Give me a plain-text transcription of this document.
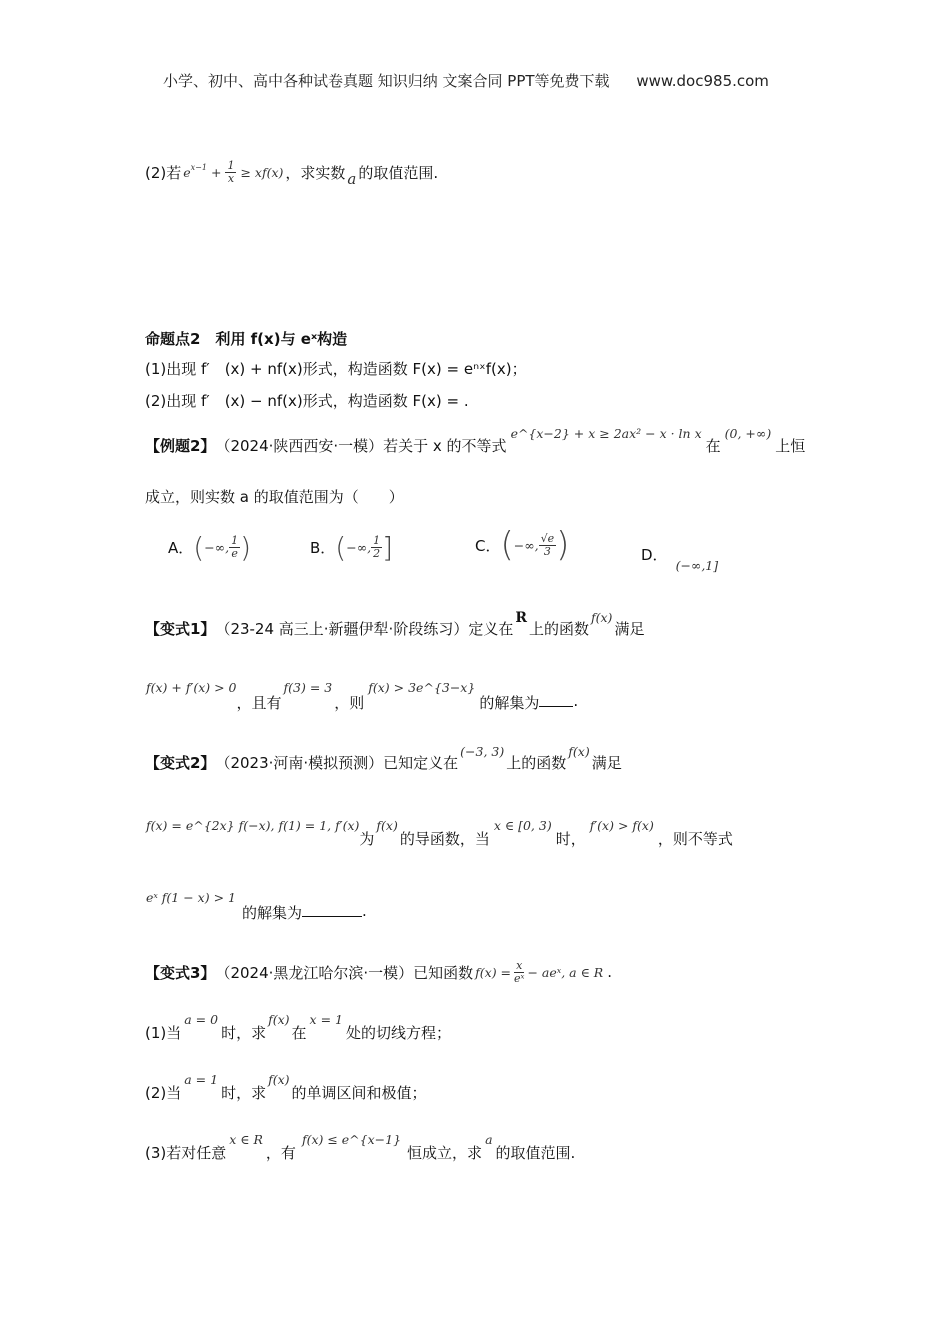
小学、初中、高中各种试卷真题 知识归纳 文案合同 PPT等免费下载 www.doc985.com
(2)若 $e^{x-1} + \frac{1}{x} \ge xf(x)$ ，求实数 a 的取值范围.
命题点2　利用 f(x)与 eˣ构造
(1)出现 f′　(x) + nf(x)形式，构造函数 F(x) = eⁿˣf(x)；
(2)出现 f′　(x) − nf(x)形式，构造函数 F(x) = .
【例题2】 （2024·陕西西安·一模）若关于 x 的不等式
e^{x−2} + x ≥ 2ax² − x · ln x
在
(0, +∞)
上恒
成立，则实数 a 的取值范围为（　　）
A． ( −∞, $\frac{1}{e}$ )	B． ( −∞, $\frac{1}{2}$ ]	C． ( −∞, $\frac{√e}{3}$ )	D．
(−∞,1]
【变式1】 （23-24 高三上·新疆伊犁·阶段练习）定义在
R
上的函数
f(x)
满足
f(x) + f′(x) > 0
，且有
f(3) = 3
，则
f(x) > 3e^{3−x}
的解集为 .
【变式2】 （2023·河南·模拟预测）已知定义在
(−3, 3)
上的函数
f(x)
满足
f(x) = e^{2x} f(−x), f(1) = 1, f′(x)
为
f(x)
的导函数，当
x ∈ [0, 3)
时，
f′(x) > f(x)
，则不等式
eˣ f(1 − x) > 1
的解集为	.
【变式3】 （2024·黑龙江哈尔滨·一模）已知函数 $f(x) = \frac{x}{\text{eˣ}}$ − aeˣ, a ∈ R .
(1)当
a = 0
时，求
f(x)
在
x = 1
处的切线方程；
(2)当
a = 1
时，求
f(x)
的单调区间和极值；
(3)若对任意
x ∈ R
，有
f(x) ≤ e^{x−1}
恒成立，求
a
的取值范围.
